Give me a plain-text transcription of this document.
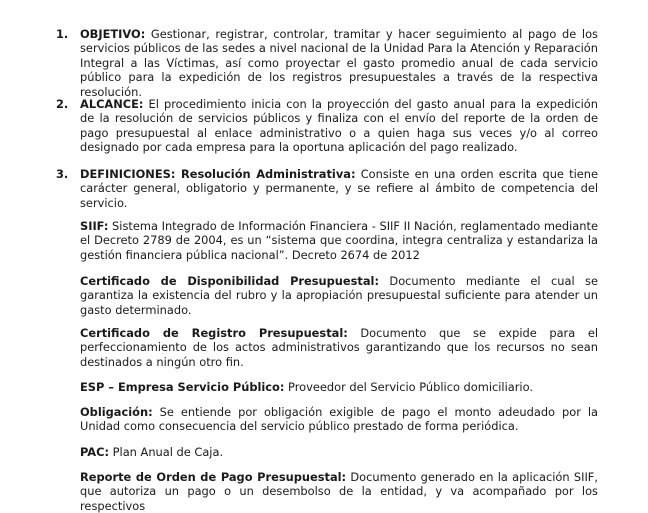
1. OBJETIVO: Gestionar, registrar, controlar, tramitar y hacer seguimiento al pago de los servicios públicos de las sedes a nivel nacional de la Unidad Para la Atención y Reparación Integral a las Víctimas, así como proyectar el gasto promedio anual de cada servicio público para la expedición de los registros presupuestales a través de la respectiva resolución.

2. ALCANCE: El procedimiento inicia con la proyección del gasto anual para la expedición de la resolución de servicios públicos y finaliza con el envío del reporte de la orden de pago presupuestal al enlace administrativo o a quien haga sus veces y/o al correo designado por cada empresa para la oportuna aplicación del pago realizado.

3. DEFINICIONES: Resolución Administrativa: Consiste en una orden escrita que tiene carácter general, obligatorio y permanente, y se refiere al ámbito de competencia del servicio.

SIIF: Sistema Integrado de Información Financiera - SIIF II Nación, reglamentado mediante el Decreto 2789 de 2004, es un “sistema que coordina, integra centraliza y estandariza la gestión financiera pública nacional”. Decreto 2674 de 2012

Certificado de Disponibilidad Presupuestal: Documento mediante el cual se garantiza la existencia del rubro y la apropiación presupuestal suficiente para atender un gasto determinado.

Certificado de Registro Presupuestal: Documento que se expide para el perfeccionamiento de los actos administrativos garantizando que los recursos no sean destinados a ningún otro fin.

ESP – Empresa Servicio Público: Proveedor del Servicio Público domiciliario.

Obligación: Se entiende por obligación exigible de pago el monto adeudado por la Unidad como consecuencia del servicio público prestado de forma periódica.

PAC: Plan Anual de Caja.

Reporte de Orden de Pago Presupuestal: Documento generado en la aplicación SIIF, que autoriza un pago o un desembolso de la entidad, y va acompañado por los respectivos
